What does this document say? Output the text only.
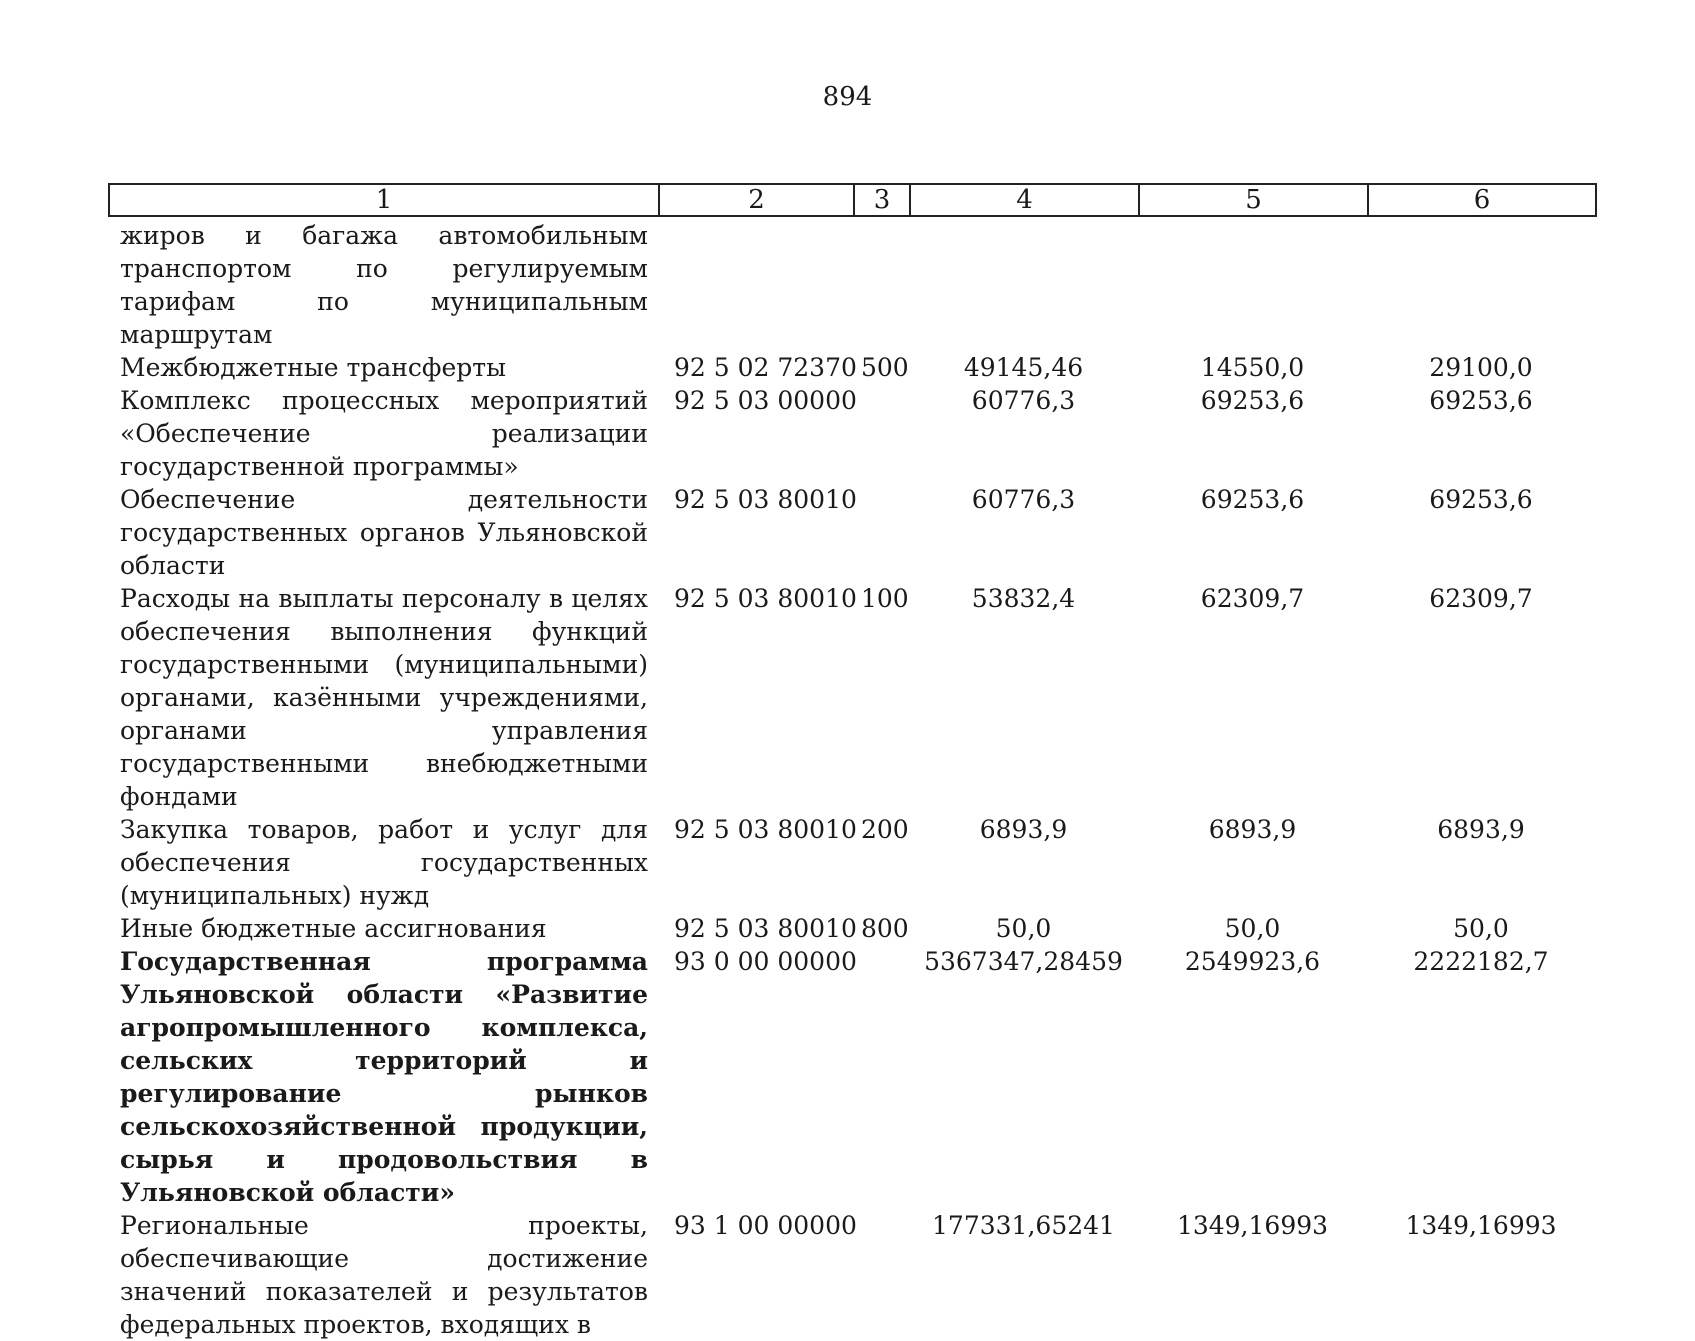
894
1	2	3	4	5	6
жиров и багажа автомобильным транспортом по регулируемым тарифам по муниципальным маршрутам					
Межбюджетные трансферты	92 5 02 72370	500	49145,46	14550,0	29100,0
Комплекс процессных мероприятий «Обеспечение реализации государственной программы»	92 5 03 00000		60776,3	69253,6	69253,6
Обеспечение деятельности государственных органов Ульяновской области	92 5 03 80010		60776,3	69253,6	69253,6
Расходы на выплаты персоналу в целях обеспечения выполнения функций государственными (муниципальными) органами, казёнными учреждениями, органами управления государственными внебюджетными фондами	92 5 03 80010	100	53832,4	62309,7	62309,7
Закупка товаров, работ и услуг для обеспечения государственных (муниципальных) нужд	92 5 03 80010	200	6893,9	6893,9	6893,9
Иные бюджетные ассигнования	92 5 03 80010	800	50,0	50,0	50,0
Государственная программа Ульяновской области «Развитие агропромышленного комплекса, сельских территорий и регулирование рынков сельскохозяйственной продукции, сырья и продовольствия в Ульяновской области»	93 0 00 00000		5367347,28459	2549923,6	2222182,7
Региональные проекты, обеспечивающие достижение значений показателей и результатов федеральных проектов, входящих в	93 1 00 00000		177331,65241	1349,16993	1349,16993
